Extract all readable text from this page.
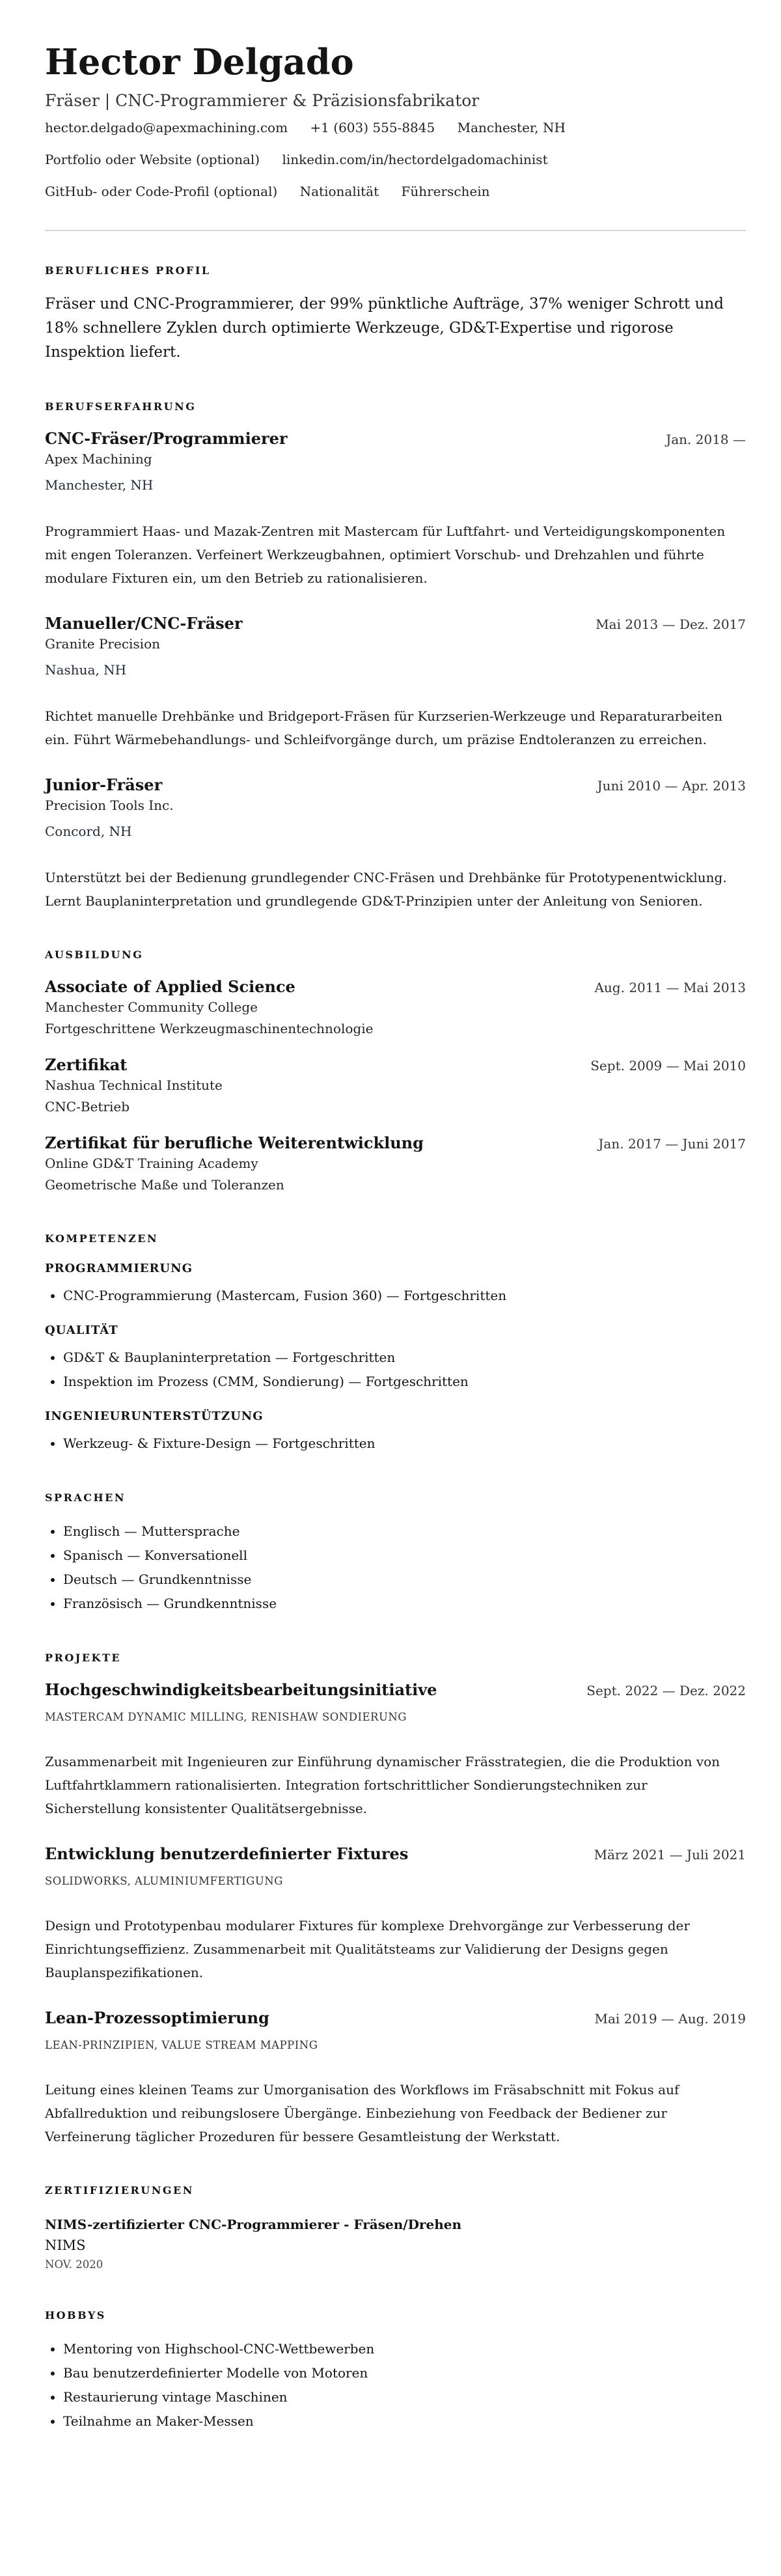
Hector Delgado
Fräser | CNC-Programmierer & Präzisionsfabrikator
hector.delgado@apexmachining.com +1 (603) 555-8845 Manchester, NH
Portfolio oder Website (optional) linkedin.com/in/hectordelgadomachinist
GitHub- oder Code-Profil (optional) Nationalität Führerschein
BERUFLICHES PROFIL
Fräser und CNC-Programmierer, der 99% pünktliche Aufträge, 37% weniger Schrott und 18% schnellere Zyklen durch optimierte Werkzeuge, GD&T-Expertise und rigorose Inspektion liefert.
BERUFSERFAHRUNG
CNC-Fräser/Programmierer	Jan. 2018 —
Apex Machining
Manchester, NH
Programmiert Haas- und Mazak-Zentren mit Mastercam für Luftfahrt- und Verteidigungskomponenten mit engen Toleranzen. Verfeinert Werkzeugbahnen, optimiert Vorschub- und Drehzahlen und führte modulare Fixturen ein, um den Betrieb zu rationalisieren.
Manueller/CNC-Fräser	Mai 2013 — Dez. 2017
Granite Precision
Nashua, NH
Richtet manuelle Drehbänke und Bridgeport-Fräsen für Kurzserien-Werkzeuge und Reparaturarbeiten ein. Führt Wärmebehandlungs- und Schleifvorgänge durch, um präzise Endtoleranzen zu erreichen.
Junior-Fräser	Juni 2010 — Apr. 2013
Precision Tools Inc.
Concord, NH
Unterstützt bei der Bedienung grundlegender CNC-Fräsen und Drehbänke für Prototypenentwicklung. Lernt Bauplaninterpretation und grundlegende GD&T-Prinzipien unter der Anleitung von Senioren.
AUSBILDUNG
Associate of Applied Science	Aug. 2011 — Mai 2013
Manchester Community College
Fortgeschrittene Werkzeugmaschinentechnologie
Zertifikat	Sept. 2009 — Mai 2010
Nashua Technical Institute
CNC-Betrieb
Zertifikat für berufliche Weiterentwicklung	Jan. 2017 — Juni 2017
Online GD&T Training Academy
Geometrische Maße und Toleranzen
KOMPETENZEN
PROGRAMMIERUNG
• CNC-Programmierung (Mastercam, Fusion 360) — Fortgeschritten
QUALITÄT
• GD&T & Bauplaninterpretation — Fortgeschritten
• Inspektion im Prozess (CMM, Sondierung) — Fortgeschritten
INGENIEURUNTERSTÜTZUNG
• Werkzeug- & Fixture-Design — Fortgeschritten
SPRACHEN
• Englisch — Muttersprache
• Spanisch — Konversationell
• Deutsch — Grundkenntnisse
• Französisch — Grundkenntnisse
PROJEKTE
Hochgeschwindigkeitsbearbeitungsinitiative	Sept. 2022 — Dez. 2022
MASTERCAM DYNAMIC MILLING, RENISHAW SONDIERUNG
Zusammenarbeit mit Ingenieuren zur Einführung dynamischer Frässtrategien, die die Produktion von Luftfahrtklammern rationalisierten. Integration fortschrittlicher Sondierungstechniken zur Sicherstellung konsistenter Qualitätsergebnisse.
Entwicklung benutzerdefinierter Fixtures	März 2021 — Juli 2021
SOLIDWORKS, ALUMINIUMFERTIGUNG
Design und Prototypenbau modularer Fixtures für komplexe Drehvorgänge zur Verbesserung der Einrichtungseffizienz. Zusammenarbeit mit Qualitätsteams zur Validierung der Designs gegen Bauplanspezifikationen.
Lean-Prozessoptimierung	Mai 2019 — Aug. 2019
LEAN-PRINZIPIEN, VALUE STREAM MAPPING
Leitung eines kleinen Teams zur Umorganisation des Workflows im Fräsabschnitt mit Fokus auf Abfallreduktion und reibungslosere Übergänge. Einbeziehung von Feedback der Bediener zur Verfeinerung täglicher Prozeduren für bessere Gesamtleistung der Werkstatt.
ZERTIFIZIERUNGEN
NIMS-zertifizierter CNC-Programmierer - Fräsen/Drehen
NIMS
NOV. 2020
HOBBYS
• Mentoring von Highschool-CNC-Wettbewerben
• Bau benutzerdefinierter Modelle von Motoren
• Restaurierung vintage Maschinen
• Teilnahme an Maker-Messen
